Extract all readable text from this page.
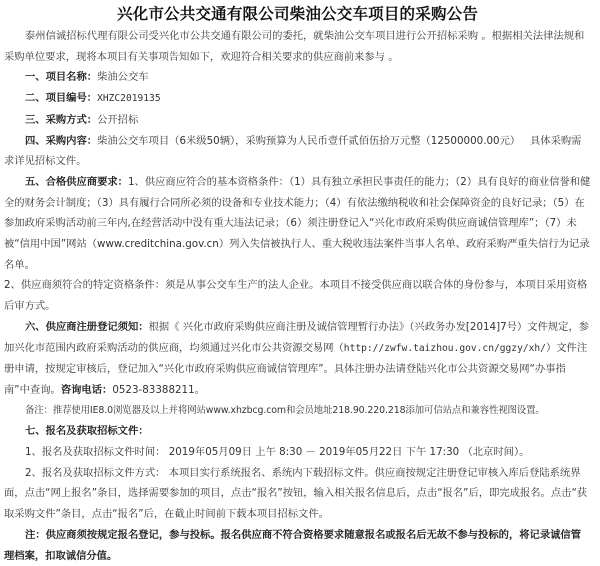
兴化市公共交通有限公司柴油公交车项目的采购公告

泰州信诚招标代理有限公司受兴化市公共交通有限公司的委托，就柴油公交车项目进行公开招标采购 。根据相关法律法规和采购单位要求，现将本项目有关事项告知如下，欢迎符合相关要求的供应商前来参与 。

一、项目名称：柴油公交车

二、项目编号：XHZC2019135

三、采购方式：公开招标

四、采购内容：柴油公交车项目（6米级50辆），采购预算为人民币壹仟贰佰伍拾万元整（12500000.00元） 具体采购需求详见招标文件。

五、合格供应商要求：1、供应商应符合的基本资格条件：（1）具有独立承担民事责任的能力；（2）具有良好的商业信誉和健全的财务会计制度；（3）具有履行合同所必须的设备和专业技术能力；（4）有依法缴纳税收和社会保障资金的良好记录；（5）在参加政府采购活动前三年内,在经营活动中没有重大违法记录；（6）须注册登记入“兴化市政府采购供应商诚信管理库”；（7）未被“信用中国”网站（www.creditchina.gov.cn）列入失信被执行人、重大税收违法案件当事人名单、政府采购严重失信行为记录名单。

2、供应商须符合的特定资格条件：须是从事公交车生产的法人企业。本项目不接受供应商以联合体的身份参与，本项目采用资格后审方式。

六、供应商注册登记须知：根据《 兴化市政府采购供应商注册及诚信管理暂行办法》（兴政务办发[2014]7号）文件规定，参加兴化市范围内政府采购活动的供应商，均须通过兴化市公共资源交易网（http://zwfw.taizhou.gov.cn/ggzy/xh/）文件注册申请，按规定审核后，登记加入“兴化市政府采购供应商诚信管理库”。具体注册办法请登陆兴化市公共资源交易网“办事指南”中查询。咨询电话：0523-83388211。

备注：推荐使用IE8.0浏览器及以上并将网站www.xhzbcg.com和会员地址218.90.220.218添加可信站点和兼容性视图设置。

七、报名及获取招标文件：

1、报名及获取招标文件时间： 2019年05月09日 上午 8:30 － 2019年05月22日 下午 17:30 （北京时间）。

2、报名及获取招标文件方式： 本项目实行系统报名、系统内下载招标文件。供应商按规定注册登记审核入库后登陆系统界面，点击“网上报名”条目，选择需要参加的项目，点击“报名”按钮，输入相关报名信息后，点击“报名”后，即完成报名。点击“获取采购文件”条目，点击“报名”后，在截止时间前下载本项目招标文件。

注：供应商须按规定报名登记，参与投标。报名供应商不符合资格要求随意报名或报名后无故不参与投标的，将记录诚信管理档案，扣取诚信分值。
